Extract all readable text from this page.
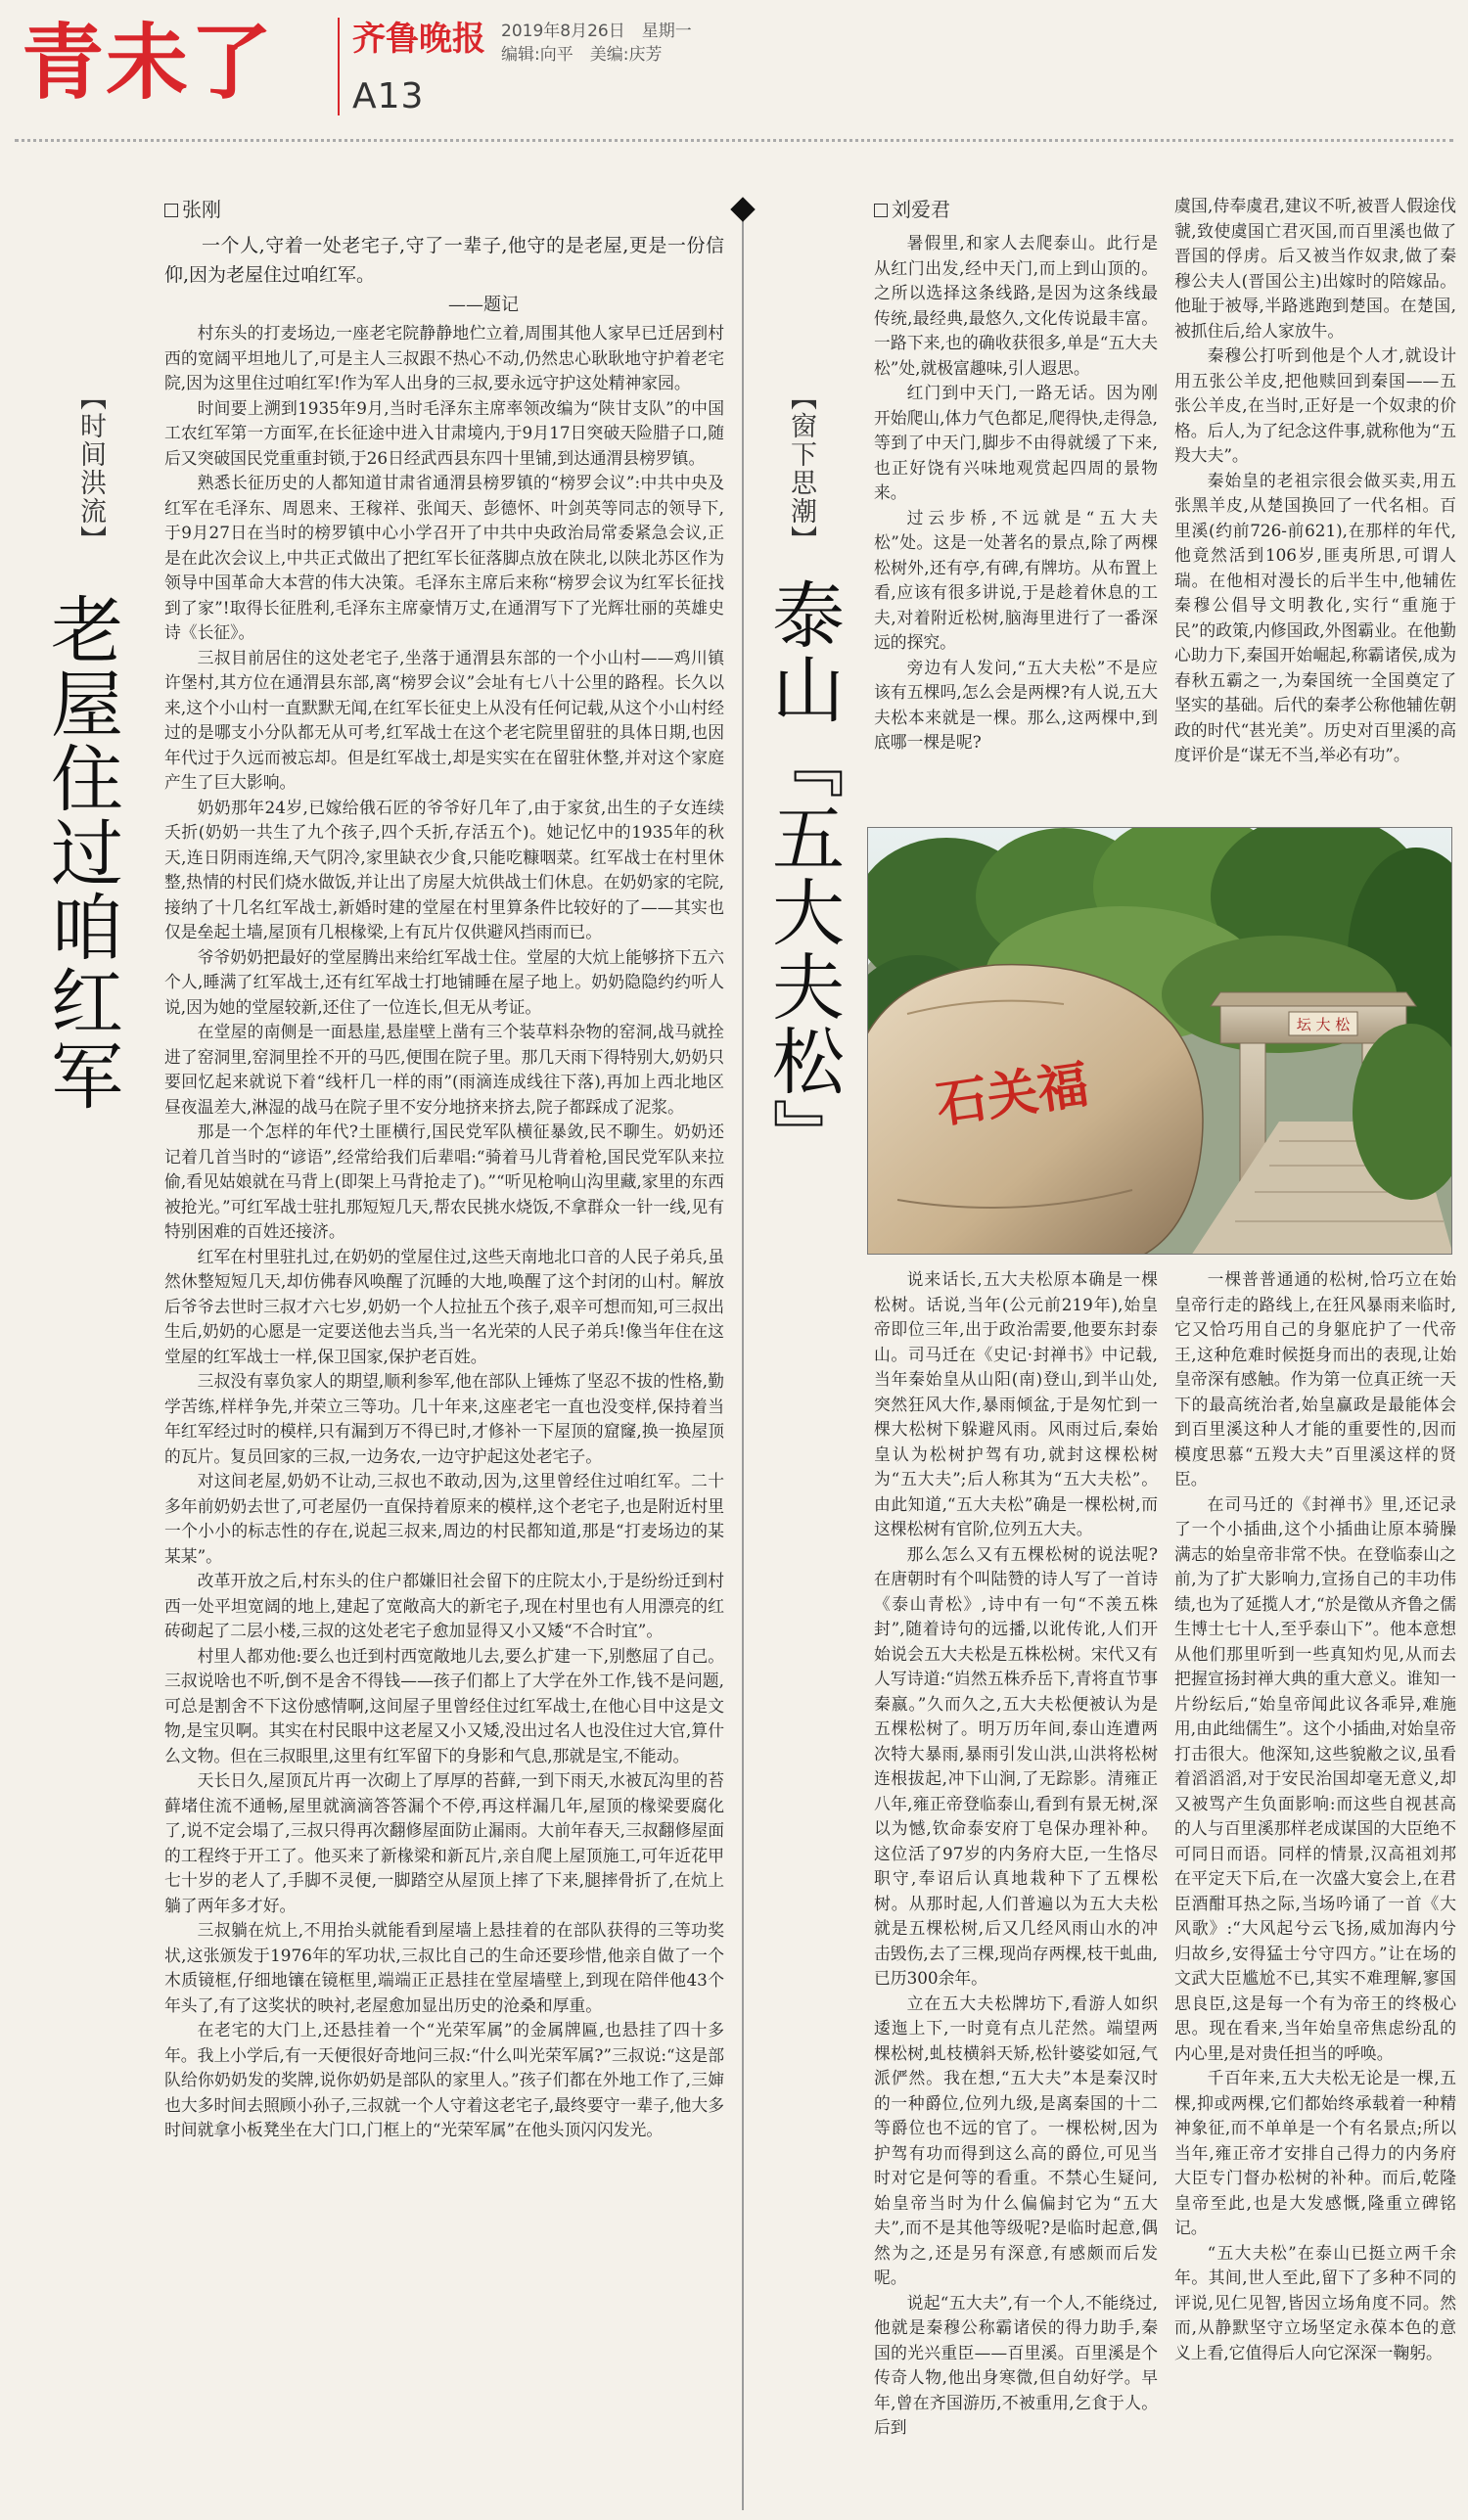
青未了 齐鲁晚报 2019年8月26日　星期一
编辑:向平　美编:庆芳
A13
张刚
【时间洪流】
老屋住过咱红军
一个人,守着一处老宅子,守了一辈子,他守的是老屋,更是一份信仰,因为老屋住过咱红军。
——题记

村东头的打麦场边,一座老宅院静静地伫立着,周围其他人家早已迁居到村西的宽阔平坦地儿了,可是主人三叔跟不热心不动,仍然忠心耿耿地守护着老宅院,因为这里住过咱红军!作为军人出身的三叔,要永远守护这处精神家园。

时间要上溯到1935年9月,当时毛泽东主席率领改编为“陕甘支队”的中国工农红军第一方面军,在长征途中进入甘肃境内,于9月17日突破天险腊子口,随后又突破国民党重重封锁,于26日经武西县东四十里铺,到达通渭县榜罗镇。

熟悉长征历史的人都知道甘肃省通渭县榜罗镇的“榜罗会议”:中共中央及红军在毛泽东、周恩来、王稼祥、张闻天、彭德怀、叶剑英等同志的领导下,于9月27日在当时的榜罗镇中心小学召开了中共中央政治局常委紧急会议,正是在此次会议上,中共正式做出了把红军长征落脚点放在陕北,以陕北苏区作为领导中国革命大本营的伟大决策。毛泽东主席后来称“榜罗会议为红军长征找到了家”!取得长征胜利,毛泽东主席豪情万丈,在通渭写下了光辉壮丽的英雄史诗《长征》。

三叔目前居住的这处老宅子,坐落于通渭县东部的一个小山村——鸡川镇许堡村,其方位在通渭县东部,离“榜罗会议”会址有七八十公里的路程。长久以来,这个小山村一直默默无闻,在红军长征史上从没有任何记载,从这个小山村经过的是哪支小分队都无从可考,红军战士在这个老宅院里留驻的具体日期,也因年代过于久远而被忘却。但是红军战士,却是实实在在留驻休整,并对这个家庭产生了巨大影响。

奶奶那年24岁,已嫁给俄石匠的爷爷好几年了,由于家贫,出生的子女连续夭折(奶奶一共生了九个孩子,四个夭折,存活五个)。她记忆中的1935年的秋天,连日阴雨连绵,天气阴冷,家里缺衣少食,只能吃糠咽菜。红军战士在村里休整,热情的村民们烧水做饭,并让出了房屋大炕供战士们休息。在奶奶家的宅院,接纳了十几名红军战士,新婚时建的堂屋在村里算条件比较好的了——其实也仅是垒起土墙,屋顶有几根椽梁,上有瓦片仅供避风挡雨而已。

爷爷奶奶把最好的堂屋腾出来给红军战士住。堂屋的大炕上能够挤下五六个人,睡满了红军战士,还有红军战士打地铺睡在屋子地上。奶奶隐隐约约听人说,因为她的堂屋较新,还住了一位连长,但无从考证。

在堂屋的南侧是一面悬崖,悬崖壁上凿有三个装草料杂物的窑洞,战马就拴进了窑洞里,窑洞里拴不开的马匹,便围在院子里。那几天雨下得特别大,奶奶只要回忆起来就说下着“线杆几一样的雨”(雨滴连成线往下落),再加上西北地区昼夜温差大,淋湿的战马在院子里不安分地挤来挤去,院子都踩成了泥浆。

那是一个怎样的年代?土匪横行,国民党军队横征暴敛,民不聊生。奶奶还记着几首当时的“谚语”,经常给我们后辈唱:“骑着马儿背着枪,国民党军队来拉偷,看见姑娘就在马背上(即架上马背抢走了)。”“听见枪响山沟里藏,家里的东西被抢光。”可红军战士驻扎那短短几天,帮农民挑水烧饭,不拿群众一针一线,见有特别困难的百姓还接济。

红军在村里驻扎过,在奶奶的堂屋住过,这些天南地北口音的人民子弟兵,虽然休整短短几天,却仿佛春风唤醒了沉睡的大地,唤醒了这个封闭的山村。解放后爷爷去世时三叔才六七岁,奶奶一个人拉扯五个孩子,艰辛可想而知,可三叔出生后,奶奶的心愿是一定要送他去当兵,当一名光荣的人民子弟兵!像当年住在这堂屋的红军战士一样,保卫国家,保护老百姓。

三叔没有辜负家人的期望,顺利参军,他在部队上锤炼了坚忍不拔的性格,勤学苦练,样样争先,并荣立三等功。几十年来,这座老宅一直也没变样,保持着当年红军经过时的模样,只有漏到万不得已时,才修补一下屋顶的窟窿,换一换屋顶的瓦片。复员回家的三叔,一边务农,一边守护起这处老宅子。

对这间老屋,奶奶不让动,三叔也不敢动,因为,这里曾经住过咱红军。二十多年前奶奶去世了,可老屋仍一直保持着原来的模样,这个老宅子,也是附近村里一个小小的标志性的存在,说起三叔来,周边的村民都知道,那是“打麦场边的某某某”。

改革开放之后,村东头的住户都嫌旧社会留下的庄院太小,于是纷纷迁到村西一处平坦宽阔的地上,建起了宽敞高大的新宅子,现在村里也有人用漂亮的红砖砌起了二层小楼,三叔的这处老宅子愈加显得又小又矮“不合时宜”。

村里人都劝他:要么也迁到村西宽敞地儿去,要么扩建一下,别憋屈了自己。三叔说啥也不听,倒不是舍不得钱——孩子们都上了大学在外工作,钱不是问题,可总是割舍不下这份感情啊,这间屋子里曾经住过红军战士,在他心目中这是文物,是宝贝啊。其实在村民眼中这老屋又小又矮,没出过名人也没住过大官,算什么文物。但在三叔眼里,这里有红军留下的身影和气息,那就是宝,不能动。

天长日久,屋顶瓦片再一次砌上了厚厚的苔藓,一到下雨天,水被瓦沟里的苔藓堵住流不通畅,屋里就滴滴答答漏个不停,再这样漏几年,屋顶的椽梁要腐化了,说不定会塌了,三叔只得再次翻修屋面防止漏雨。大前年春天,三叔翻修屋面的工程终于开工了。他买来了新椽梁和新瓦片,亲自爬上屋顶施工,可年近花甲七十岁的老人了,手脚不灵便,一脚踏空从屋顶上摔了下来,腿摔骨折了,在炕上躺了两年多才好。

三叔躺在炕上,不用抬头就能看到屋墙上悬挂着的在部队获得的三等功奖状,这张颁发于1976年的军功状,三叔比自己的生命还要珍惜,他亲自做了一个木质镜框,仔细地镶在镜框里,端端正正悬挂在堂屋墙壁上,到现在陪伴他43个年头了,有了这奖状的映衬,老屋愈加显出历史的沧桑和厚重。

在老宅的大门上,还悬挂着一个“光荣军属”的金属牌匾,也悬挂了四十多年。我上小学后,有一天便很好奇地问三叔:“什么叫光荣军属?”三叔说:“这是部队给你奶奶发的奖牌,说你奶奶是部队的家里人。”孩子们都在外地工作了,三婶也大多时间去照顾小孙子,三叔就一个人守着这老宅子,最终要守一辈子,他大多时间就拿小板凳坐在大门口,门框上的“光荣军属”在他头顶闪闪发光。

刘爱君
【窗下思潮】
泰山『五大夫松』

暑假里,和家人去爬泰山。此行是从红门出发,经中天门,而上到山顶的。之所以选择这条线路,是因为这条线最传统,最经典,最悠久,文化传说最丰富。一路下来,也的确收获很多,单是“五大夫松”处,就极富趣味,引人遐思。

红门到中天门,一路无话。因为刚开始爬山,体力气色都足,爬得快,走得急,等到了中天门,脚步不由得就缓了下来,也正好饶有兴味地观赏起四周的景物来。

过云步桥,不远就是“五大夫松”处。这是一处著名的景点,除了两棵松树外,还有亭,有碑,有牌坊。从布置上看,应该有很多讲说,于是趁着休息的工夫,对着附近松树,脑海里进行了一番深远的探究。

旁边有人发问,“五大夫松”不是应该有五棵吗,怎么会是两棵?有人说,五大夫松本来就是一棵。那么,这两棵中,到底哪一棵是呢?

虞国,侍奉虞君,建议不听,被晋人假途伐虢,致使虞国亡君灭国,而百里溪也做了晋国的俘虏。后又被当作奴隶,做了秦穆公夫人(晋国公主)出嫁时的陪嫁品。他耻于被辱,半路逃跑到楚国。在楚国,被抓住后,给人家放牛。

秦穆公打听到他是个人才,就设计用五张公羊皮,把他赎回到秦国——五张公羊皮,在当时,正好是一个奴隶的价格。后人,为了纪念这件事,就称他为“五羖大夫”。

秦始皇的老祖宗很会做买卖,用五张黑羊皮,从楚国换回了一代名相。百里溪(约前726-前621),在那样的年代,他竟然活到106岁,匪夷所思,可谓人瑞。在他相对漫长的后半生中,他辅佐秦穆公倡导文明教化,实行“重施于民”的政策,内修国政,外图霸业。在他勤心助力下,秦国开始崛起,称霸诸侯,成为春秋五霸之一,为秦国统一全国奠定了坚实的基础。后代的秦孝公称他辅佐朝政的时代“甚光美”。历史对百里溪的高度评价是“谋无不当,举必有功”。

坛 大 松
石关福

说来话长,五大夫松原本确是一棵松树。话说,当年(公元前219年),始皇帝即位三年,出于政治需要,他要东封泰山。司马迁在《史记·封禅书》中记载,当年秦始皇从山阳(南)登山,到半山处,突然狂风大作,暴雨倾盆,于是匆忙到一棵大松树下躲避风雨。风雨过后,秦始皇认为松树护驾有功,就封这棵松树为“五大夫”;后人称其为“五大夫松”。由此知道,“五大夫松”确是一棵松树,而这棵松树有官阶,位列五大夫。

那么怎么又有五棵松树的说法呢?在唐朝时有个叫陆赞的诗人写了一首诗《泰山青松》,诗中有一句“不羡五株封”,随着诗句的远播,以讹传讹,人们开始说会五大夫松是五株松树。宋代又有人写诗道:“岿然五株乔岳下,青将直节事秦嬴。”久而久之,五大夫松便被认为是五棵松树了。明万历年间,泰山连遭两次特大暴雨,暴雨引发山洪,山洪将松树连根拔起,冲下山涧,了无踪影。清雍正八年,雍正帝登临泰山,看到有景无树,深以为憾,钦命泰安府丁皂保办理补种。这位活了97岁的内务府大臣,一生恪尽职守,奉诏后认真地栽种下了五棵松树。从那时起,人们普遍以为五大夫松就是五棵松树,后又几经风雨山水的冲击毁伤,去了三棵,现尚存两棵,枝干虬曲,已历300余年。

立在五大夫松牌坊下,看游人如织逶迤上下,一时竟有点儿茫然。端望两棵松树,虬枝横斜天矫,松针婆娑如冠,气派俨然。我在想,“五大夫”本是秦汉时的一种爵位,位列九级,是离秦国的十二等爵位也不远的官了。一棵松树,因为护驾有功而得到这么高的爵位,可见当时对它是何等的看重。不禁心生疑问,始皇帝当时为什么偏偏封它为“五大夫”,而不是其他等级呢?是临时起意,偶然为之,还是另有深意,有感颇而后发呢。

说起“五大夫”,有一个人,不能绕过,他就是秦穆公称霸诸侯的得力助手,秦国的光兴重臣——百里溪。百里溪是个传奇人物,他出身寒微,但自幼好学。早年,曾在齐国游历,不被重用,乞食于人。后到

一棵普普通通的松树,恰巧立在始皇帝行走的路线上,在狂风暴雨来临时,它又恰巧用自己的身躯庇护了一代帝王,这种危难时候挺身而出的表现,让始皇帝深有感触。作为第一位真正统一天下的最高统治者,始皇赢政是最能体会到百里溪这种人才能的重要性的,因而模度思慕“五羖大夫”百里溪这样的贤臣。

在司马迁的《封禅书》里,还记录了一个小插曲,这个小插曲让原本骑臊满志的始皇帝非常不快。在登临泰山之前,为了扩大影响力,宣扬自己的丰功伟绩,也为了延揽人才,“於是徵从齐鲁之儒生博士七十人,至乎泰山下”。他本意想从他们那里听到一些真知灼见,从而去把握宣扬封禅大典的重大意义。谁知一片纷纭后,“始皇帝闻此议各乖异,难施用,由此绌儒生”。这个小插曲,对始皇帝打击很大。他深知,这些貌敝之议,虽看着滔滔滔,对于安民治国却毫无意义,却又被骂产生负面影响:而这些自视甚高的人与百里溪那样老成谋国的大臣绝不可同日而语。同样的情景,汉高祖刘邦在平定天下后,在一次盛大宴会上,在君臣酒酣耳热之际,当场吟诵了一首《大风歌》:“大风起兮云飞扬,威加海内兮归故乡,安得猛士兮守四方。”让在场的文武大臣尴尬不已,其实不难理解,寥国思良臣,这是每一个有为帝王的终极心思。现在看来,当年始皇帝焦虑纷乱的内心里,是对贵任担当的呼唤。

千百年来,五大夫松无论是一棵,五棵,抑或两棵,它们都始终承载着一种精神象征,而不单单是一个有名景点;所以当年,雍正帝才安排自己得力的内务府大臣专门督办松树的补种。而后,乾隆皇帝至此,也是大发感慨,隆重立碑铭记。

“五大夫松”在泰山已挺立两千余年。其间,世人至此,留下了多种不同的评说,见仁见智,皆因立场角度不同。然而,从静默坚守立场坚定永葆本色的意义上看,它值得后人向它深深一鞠躬。
